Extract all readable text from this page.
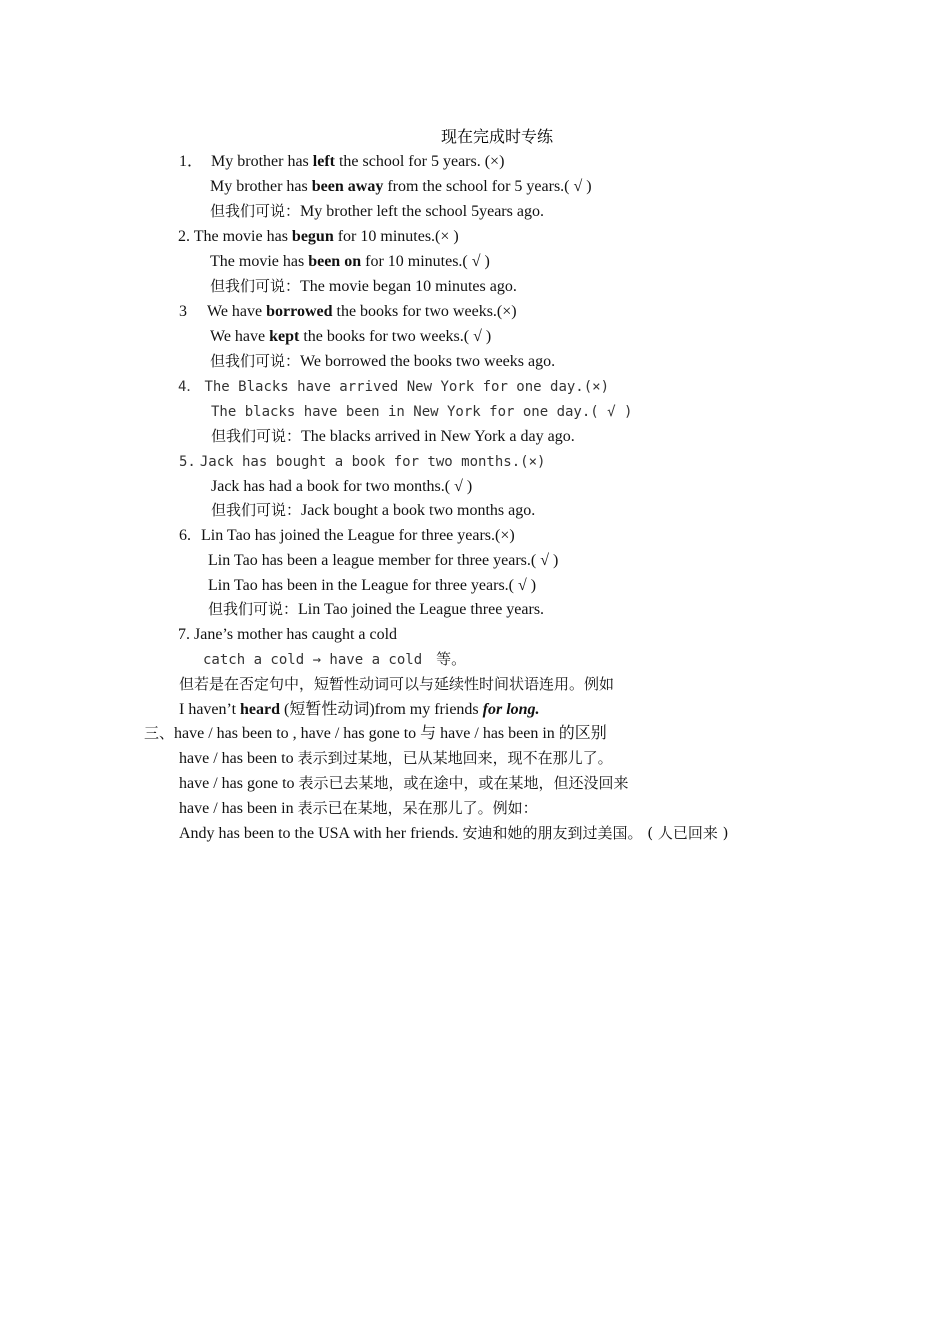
现在完成时专练
1． My brother has left the school for 5 years. (×)
My brother has been away from the school for 5 years.( √ )
但我们可说：My brother left the school 5years ago.
2. The movie has begun for 10 minutes.(× )
The movie has been on for 10 minutes.( √ )
但我们可说：The movie began 10 minutes ago.
3 We have borrowed the books for two weeks.(×)
We have kept the books for two weeks.( √ )
但我们可说：We borrowed the books two weeks ago.
4． The Blacks have arrived New York for one day.(×)
The blacks have been in New York for one day.( √ )
但我们可说：The blacks arrived in New York a day ago.
5. Jack has bought a book for two months.(×)
Jack has had a book for two months.( √ )
但我们可说：Jack bought a book two months ago.
6. Lin Tao has joined the League for three years.(×)
Lin Tao has been a league member for three years.( √ )
Lin Tao has been in the League for three years.( √ )
但我们可说：Lin Tao joined the League three years.
7. Jane’s mother has caught a cold
catch a cold → have a cold 等。
但若是在否定句中，短暂性动词可以与延续性时间状语连用。例如
I haven’t heard (短暂性动词)from my friends for long.
三、have / has been to , have / has gone to 与 have / has been in 的区别
have / has been to 表示到过某地，已从某地回来，现不在那儿了。
have / has gone to 表示已去某地，或在途中，或在某地，但还没回来
have / has been in 表示已在某地，呆在那儿了。例如：
Andy has been to the USA with her friends. 安迪和她的朋友到过美国。 ( 人已回来 )
